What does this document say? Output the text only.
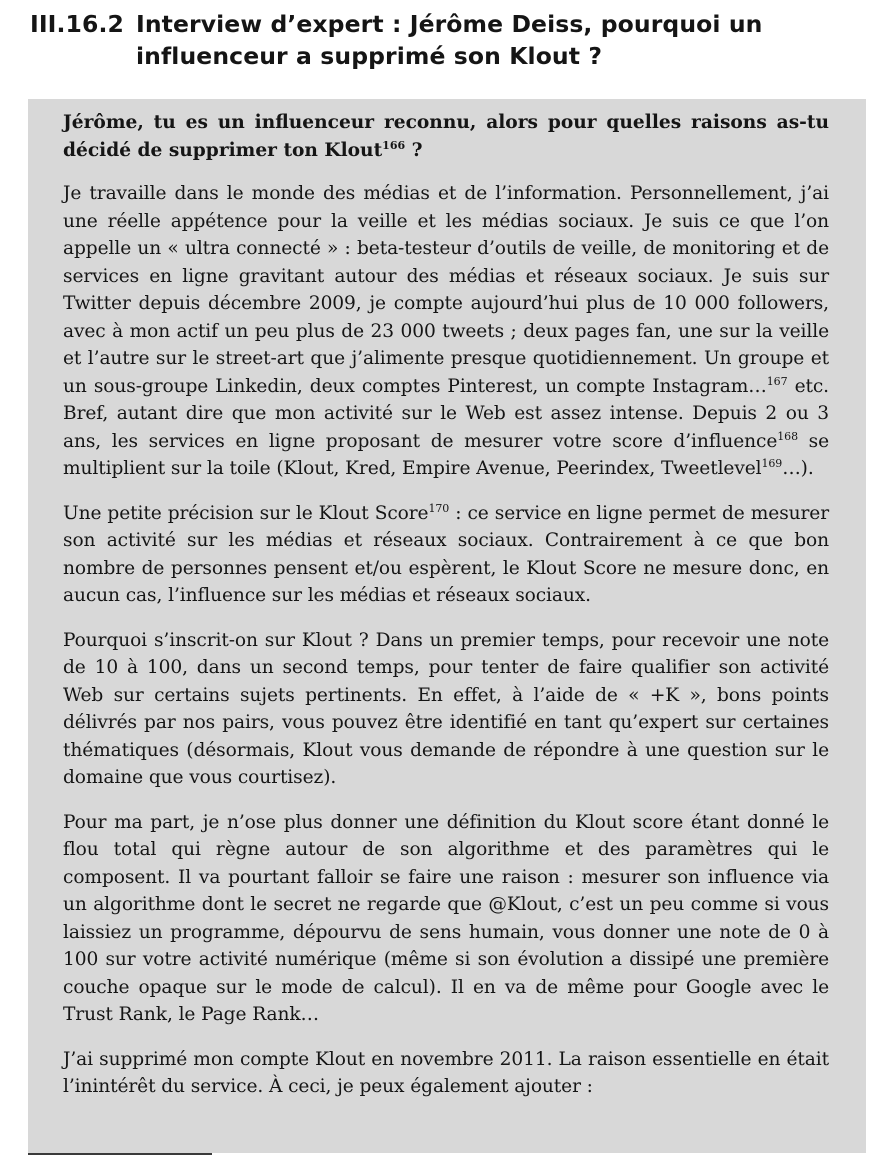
III.16.2 Interview d’expert : Jérôme Deiss, pourquoi un influenceur a supprimé son Klout ?

Jérôme, tu es un influenceur reconnu, alors pour quelles raisons as-tu décidé de supprimer ton Klout$^{166}$ ?

Je travaille dans le monde des médias et de l’information. Personnellement, j’ai une réelle appétence pour la veille et les médias sociaux. Je suis ce que l’on appelle un « ultra connecté » : beta-testeur d’outils de veille, de monitoring et de services en ligne gravitant autour des médias et réseaux sociaux. Je suis sur Twitter depuis décembre 2009, je compte aujourd’hui plus de 10 000 followers, avec à mon actif un peu plus de 23 000 tweets ; deux pages fan, une sur la veille et l’autre sur le street-art que j’alimente presque quotidiennement. Un groupe et un sous-groupe Linkedin, deux comptes Pinterest, un compte Instagram…$^{167}$ etc. Bref, autant dire que mon activité sur le Web est assez intense. Depuis 2 ou 3 ans, les services en ligne proposant de mesurer votre score d’influence$^{168}$ se multiplient sur la toile (Klout, Kred, Empire Avenue, Peerindex, Tweetlevel$^{169}$…).

Une petite précision sur le Klout Score$^{170}$ : ce service en ligne permet de mesurer son activité sur les médias et réseaux sociaux. Contrairement à ce que bon nombre de personnes pensent et/ou espèrent, le Klout Score ne mesure donc, en aucun cas, l’influence sur les médias et réseaux sociaux.

Pourquoi s’inscrit-on sur Klout ? Dans un premier temps, pour recevoir une note de 10 à 100, dans un second temps, pour tenter de faire qualifier son activité Web sur certains sujets pertinents. En effet, à l’aide de « +K », bons points délivrés par nos pairs, vous pouvez être identifié en tant qu’expert sur certaines thématiques (désormais, Klout vous demande de répondre à une question sur le domaine que vous courtisez).

Pour ma part, je n’ose plus donner une définition du Klout score étant donné le flou total qui règne autour de son algorithme et des paramètres qui le composent. Il va pourtant falloir se faire une raison : mesurer son influence via un algorithme dont le secret ne regarde que @Klout, c’est un peu comme si vous laissiez un programme, dépourvu de sens humain, vous donner une note de 0 à 100 sur votre activité numérique (même si son évolution a dissipé une première couche opaque sur le mode de calcul). Il en va de même pour Google avec le Trust Rank, le Page Rank…

J’ai supprimé mon compte Klout en novembre 2011. La raison essentielle en était l’inintérêt du service. À ceci, je peux également ajouter :
